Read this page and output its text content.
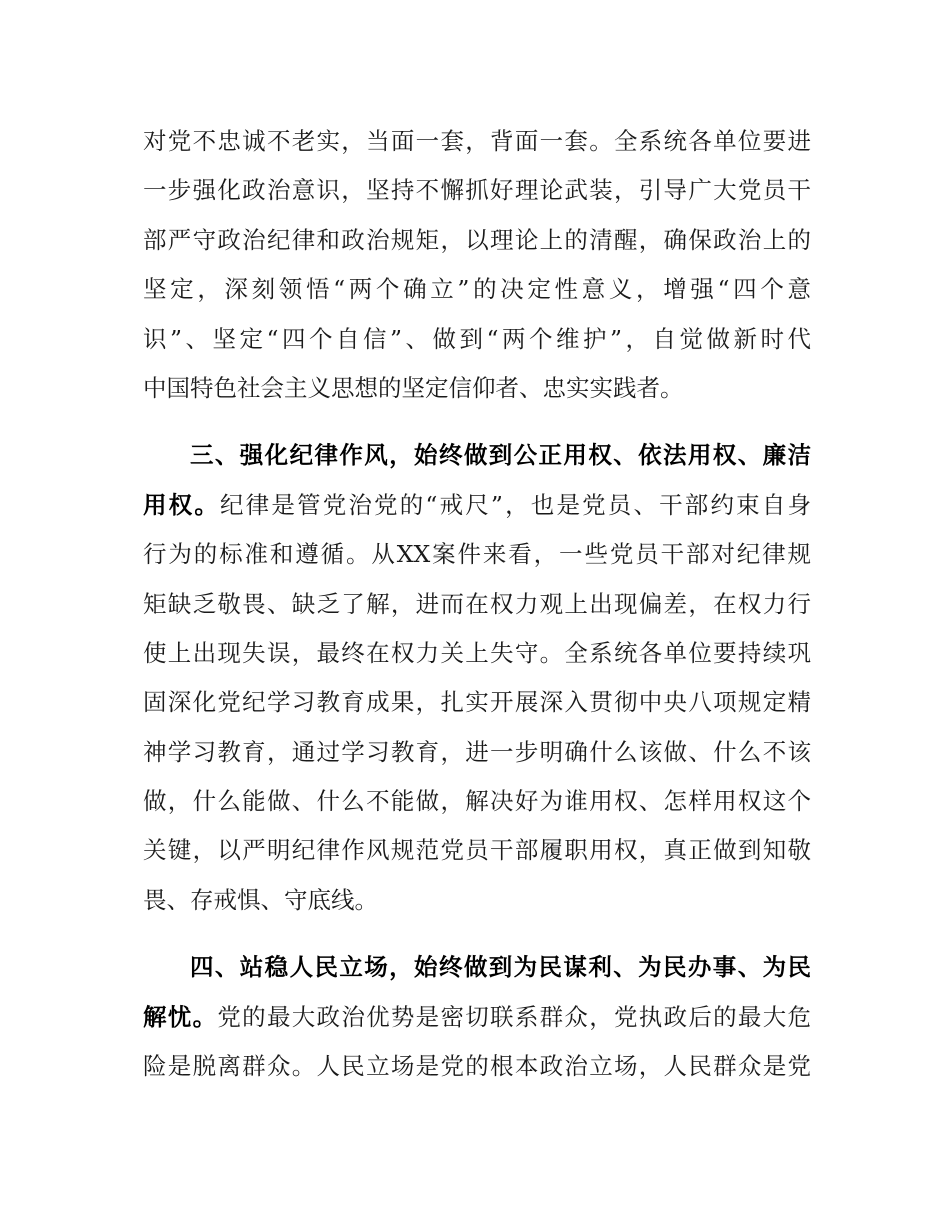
对党不忠诚不老实，当面一套，背面一套。全系统各单位要进
一步强化政治意识，坚持不懈抓好理论武装，引导广大党员干
部严守政治纪律和政治规矩，以理论上的清醒，确保政治上的
坚定，深刻领悟“两个确立”的决定性意义，增强“四个意
识”、坚定“四个自信”、做到“两个维护”，自觉做新时代
中国特色社会主义思想的坚定信仰者、忠实实践者。
三、强化纪律作风，始终做到公正用权、依法用权、廉洁
用权。纪律是管党治党的“戒尺”，也是党员、干部约束自身
行为的标准和遵循。从XX案件来看，一些党员干部对纪律规
矩缺乏敬畏、缺乏了解，进而在权力观上出现偏差，在权力行
使上出现失误，最终在权力关上失守。全系统各单位要持续巩
固深化党纪学习教育成果，扎实开展深入贯彻中央八项规定精
神学习教育，通过学习教育，进一步明确什么该做、什么不该
做，什么能做、什么不能做，解决好为谁用权、怎样用权这个
关键，以严明纪律作风规范党员干部履职用权，真正做到知敬
畏、存戒惧、守底线。
四、站稳人民立场，始终做到为民谋利、为民办事、为民
解忧。党的最大政治优势是密切联系群众，党执政后的最大危
险是脱离群众。人民立场是党的根本政治立场，人民群众是党
